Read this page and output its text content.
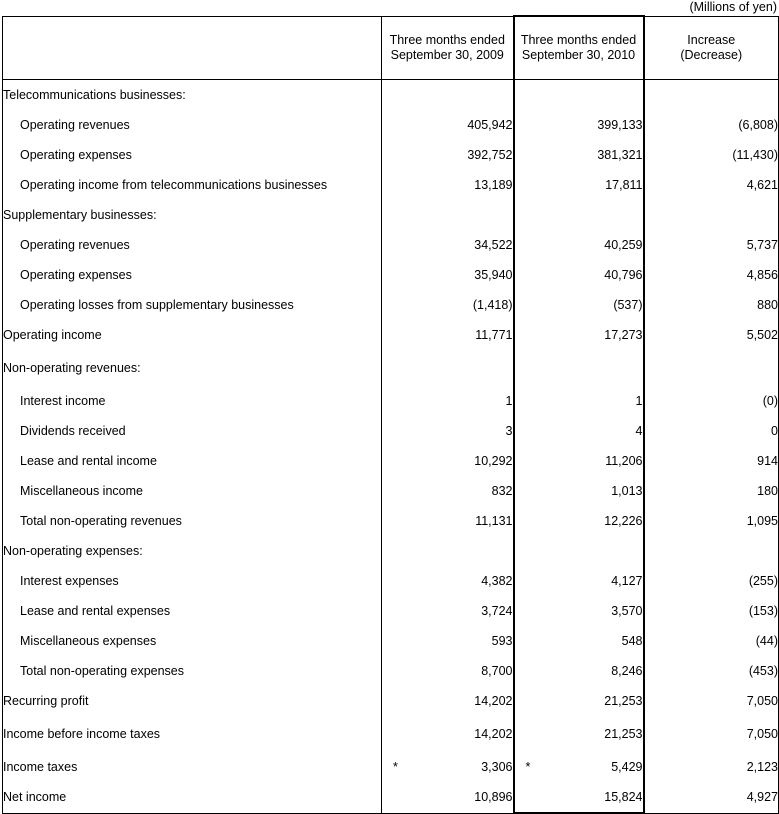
(Millions of yen)
	Three months ended
September 30, 2009	Three months ended
September 30, 2010	Increase
(Decrease)
Telecommunications businesses:			
Operating revenues	405,942	399,133	(6,808)
Operating expenses	392,752	381,321	(11,430)
Operating income from telecommunications businesses	13,189	17,811	4,621
Supplementary businesses:			
Operating revenues	34,522	40,259	5,737
Operating expenses	35,940	40,796	4,856
Operating losses from supplementary businesses	(1,418)	(537)	880
Operating income	11,771	17,273	5,502
Non-operating revenues:			
Interest income	1	1	(0)
Dividends received	3	4	0
Lease and rental income	10,292	11,206	914
Miscellaneous income	832	1,013	180
Total non-operating revenues	11,131	12,226	1,095
Non-operating expenses:			
Interest expenses	4,382	4,127	(255)
Lease and rental expenses	3,724	3,570	(153)
Miscellaneous expenses	593	548	(44)
Total non-operating expenses	8,700	8,246	(453)
Recurring profit	14,202	21,253	7,050
Income before income taxes	14,202	21,253	7,050
Income taxes	* 3,306	* 5,429	2,123
Net income	10,896	15,824	4,927
